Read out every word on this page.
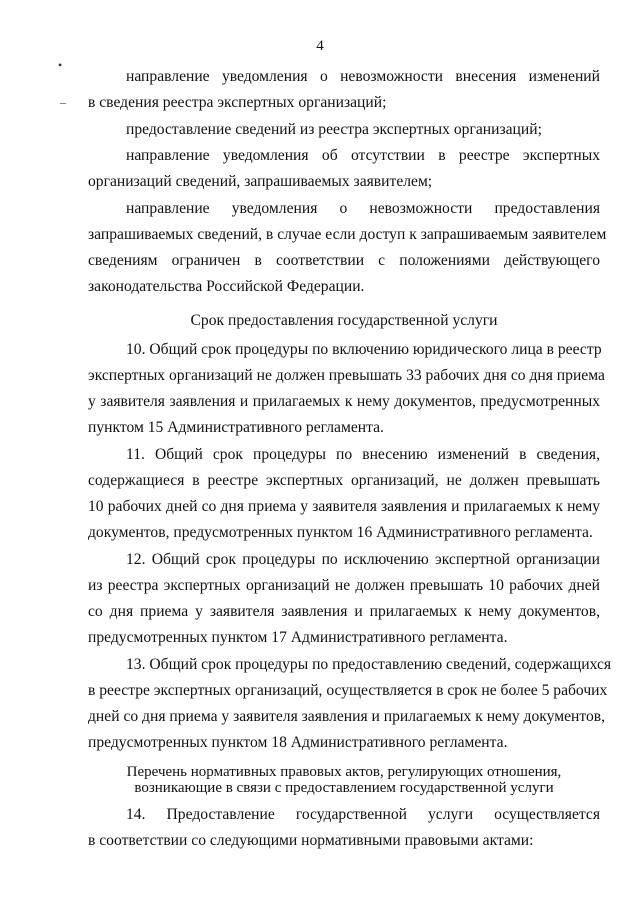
4
•
–
направление уведомления о невозможности внесения изменений
в сведения реестра экспертных организаций;
предоставление сведений из реестра экспертных организаций;
направление уведомления об отсутствии в реестре экспертных
организаций сведений, запрашиваемых заявителем;
направление уведомления о невозможности предоставления
запрашиваемых сведений, в случае если доступ к запрашиваемым заявителем
сведениям ограничен в соответствии с положениями действующего
законодательства Российской Федерации.
Срок предоставления государственной услуги
10. Общий срок процедуры по включению юридического лица в реестр
экспертных организаций не должен превышать 33 рабочих дня со дня приема
у заявителя заявления и прилагаемых к нему документов, предусмотренных
пунктом 15 Административного регламента.
11. Общий срок процедуры по внесению изменений в сведения,
содержащиеся в реестре экспертных организаций, не должен превышать
10 рабочих дней со дня приема у заявителя заявления и прилагаемых к нему
документов, предусмотренных пунктом 16 Административного регламента.
12. Общий срок процедуры по исключению экспертной организации
из реестра экспертных организаций не должен превышать 10 рабочих дней
со дня приема у заявителя заявления и прилагаемых к нему документов,
предусмотренных пунктом 17 Административного регламента.
13. Общий срок процедуры по предоставлению сведений, содержащихся
в реестре экспертных организаций, осуществляется в срок не более 5 рабочих
дней со дня приема у заявителя заявления и прилагаемых к нему документов,
предусмотренных пунктом 18 Административного регламента.
Перечень нормативных правовых актов, регулирующих отношения,
возникающие в связи с предоставлением государственной услуги
14. Предоставление государственной услуги осуществляется
в соответствии со следующими нормативными правовыми актами:
